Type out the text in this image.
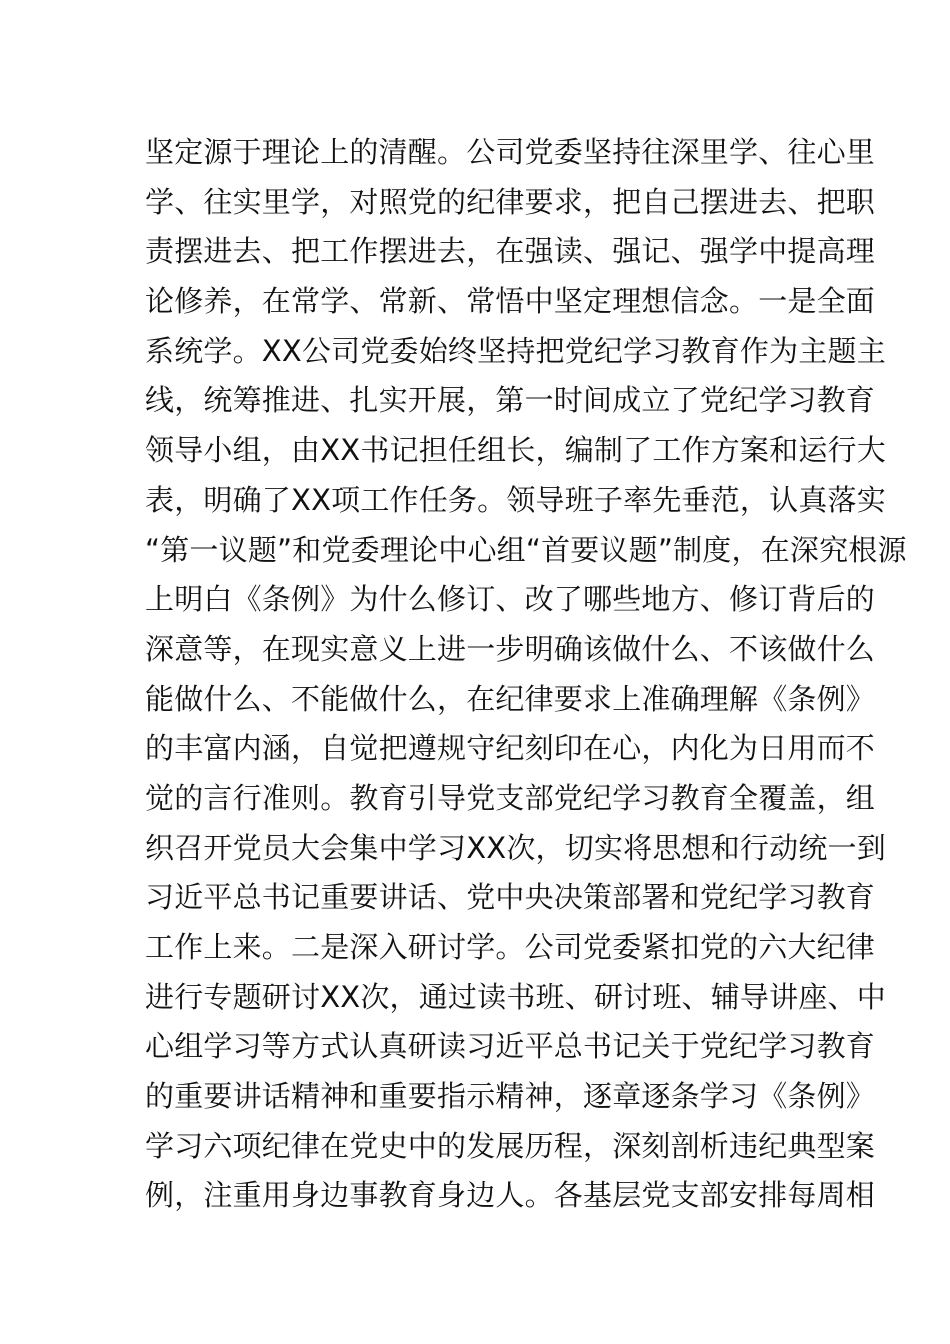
坚定源于理论上的清醒。公司党委坚持往深里学、往心里
学、往实里学，对照党的纪律要求，把自己摆进去、把职
责摆进去、把工作摆进去，在强读、强记、强学中提高理
论修养，在常学、常新、常悟中坚定理想信念。一是全面
系统学。XX公司党委始终坚持把党纪学习教育作为主题主
线，统筹推进、扎实开展，第一时间成立了党纪学习教育
领导小组，由XX书记担任组长，编制了工作方案和运行大
表，明确了XX项工作任务。领导班子率先垂范，认真落实
“第一议题”和党委理论中心组“首要议题”制度，在深究根源
上明白《条例》为什么修订、改了哪些地方、修订背后的
深意等，在现实意义上进一步明确该做什么、不该做什么
能做什么、不能做什么，在纪律要求上准确理解《条例》
的丰富内涵，自觉把遵规守纪刻印在心，内化为日用而不
觉的言行准则。教育引导党支部党纪学习教育全覆盖，组
织召开党员大会集中学习XX次，切实将思想和行动统一到
习近平总书记重要讲话、党中央决策部署和党纪学习教育
工作上来。二是深入研讨学。公司党委紧扣党的六大纪律
进行专题研讨XX次，通过读书班、研讨班、辅导讲座、中
心组学习等方式认真研读习近平总书记关于党纪学习教育
的重要讲话精神和重要指示精神，逐章逐条学习《条例》
学习六项纪律在党史中的发展历程，深刻剖析违纪典型案
例，注重用身边事教育身边人。各基层党支部安排每周相
